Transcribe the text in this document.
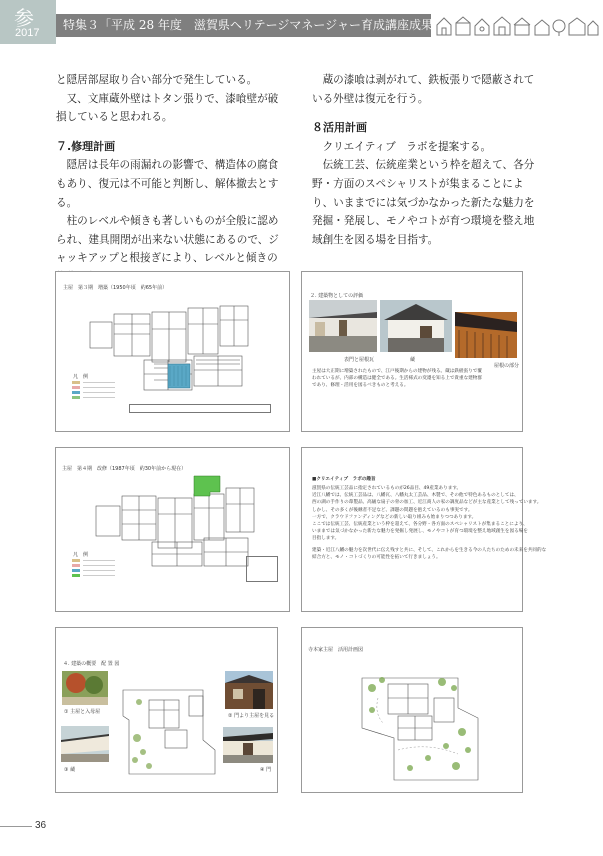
参
2017
特集３「平成 28 年度　滋賀県ヘリテージマネージャー育成講座成果報告」

と隠居部屋取り合い部分で発生している。

又、文庫蔵外壁はトタン張りで、漆喰壁が破損していると思われる。

７.修理計画

隠居は長年の雨漏れの影響で、構造体の腐食もあり、復元は不可能と判断し、解体撤去とする。

柱のレベルや傾きも著しいものが全般に認められ、建具開閉が出来ない状態にあるので、ジャッキアップと根接ぎにより、レベルと傾きの

蔵の漆喰は剥がれて、鉄板張りで隠蔽されている外壁は復元を行う。

８活用計画

クリエイティブ　ラボを提案する。

伝統工芸、伝統産業という枠を超えて、各分野・方面のスペシャリストが集まることにより、いままでには気づかなかった新たな魅力を発掘・発展し、モノやコトが育つ環境を整え地域創生を図る場を目指す。

主屋　第３期　増築（1950年頃　約65年前）
凡　例
２. 建築物としての評価
表門と屋根瓦	蔵
屋根の部分
主屋は大正期に増築されたもので、江戸後期からの建物が残る。蔵は鉄板張りで覆われているが、内部の構造は健全である。生活様式の変遷を知る上で貴重な建物群であり、修理・活用を図るべきものと考える。
主屋　第４期　改修（1987年頃　約30年前から現在）
凡　例
■クリエイティブ　ラボの趣旨
滋賀県の伝統工芸品に指定されているものが26品目、49産業あります。
近江八幡では、伝統工芸品は、八幡瓦、八幡丸太工芸品、木製で、その他で特色あるものとしては、
西の湖の手作りの葦製品、高級な扇子の骨の加工、近江商人の家の調度品などが主な産業として残っています。
しかし、その多くが後継者不足など、課題の問題を抱えているのも事実です。
一方で、クラウドファンディングなどの新しい取り組みも始まりつつあります。
ここでは伝統工芸、伝統産業という枠を超えて、各分野・各方面のスペシャリストが集まることにより、
いままでは気づかなかった新たな魅力を発掘し発展し、モノやコトが育つ環境を整え地域創生を図る場を
目指します。
建築・近江八幡の魅力を次世代に伝え残すと共に、そして、これからを生きる今の人たちのための未来を共同的な
結合方と、モノ・コトづくりの可能性を拓いて行きましょう。
４. 建築の概要　配 置 図
① 主屋と入母屋
③ 蔵
② 門より主屋を見る
④ 門
寺本家主屋　活用計画図
36
